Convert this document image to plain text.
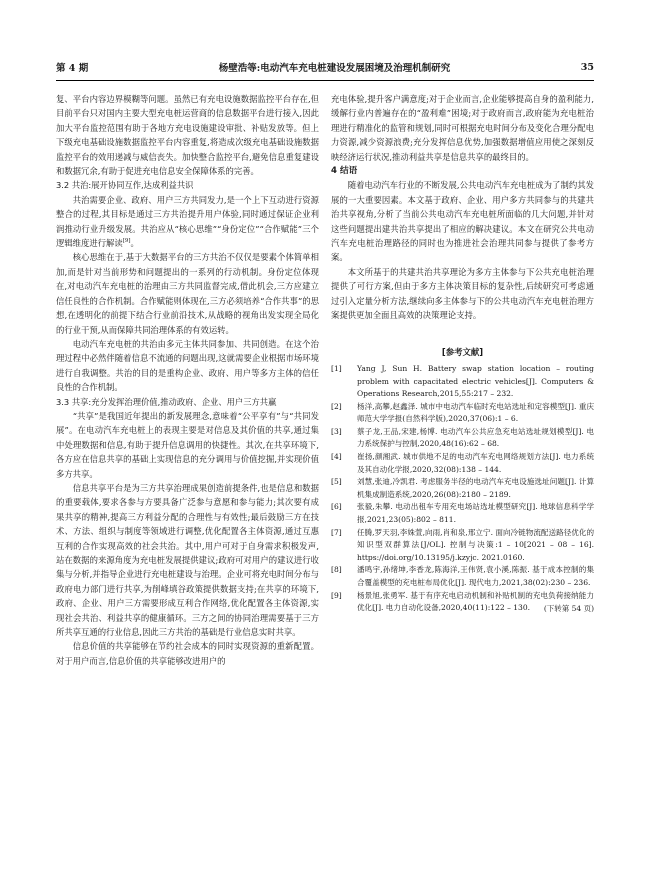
第 4 期	杨壁浩等:电动汽车充电桩建设发展困境及治理机制研究	35

复、平台内容边界模糊等问题。虽然已有充电设施数据监控平台存在,但目前平台只对国内主要大型充电桩运营商的信息数据平台进行接入,因此加大平台监控范围有助于各地方充电设施建设审批、补贴发放等。但上下级充电基础设施数据监控平台内容重复,将造成次级充电基础设施数据监控平台的效用递减与威信丧失。加快整合监控平台,避免信息重复建设和数据冗余,有助于促进充电信息安全保障体系的完善。

3.2 共治:展开协同互作,达成利益共识

共治需要企业、政府、用户三方共同发力,是一个上下互动进行资源整合的过程,其目标是通过三方共治提升用户体验,同时通过保证企业利润推动行业升级发展。共治应从“核心思维”“身份定位”“合作赋能”三个逻辑维度进行解读[9]。

核心思维在于,基于大数据平台的三方共治不仅仅是要素个体简单相加,而是针对当前形势和问题提出的一系列的行动机制。身份定位体现在,对电动汽车充电桩的治理由三方共同监督完成,借此机会,三方应建立信任良性的合作机制。合作赋能则体现在,三方必须培养“合作共事”的思想,在透明化的前提下结合行业前沿技术,从战略的视角出发实现全局化的行业干预,从而保障共同治理体系的有效运转。

电动汽车充电桩的共治由多元主体共同参加、共同创造。在这个治理过程中必然伴随着信息不流通的问题出现,这就需要企业根据市场环境进行自我调整。共治的目的是重构企业、政府、用户等多方主体的信任良性的合作机制。

3.3 共享:充分发挥治理价值,推动政府、企业、用户三方共赢

“共享”是我国近年提出的新发展理念,意味着“公平享有”与“共同发展”。在电动汽车充电桩上的表现主要是对信息及其价值的共享,通过集中处理数据和信息,有助于提升信息调用的快捷性。其次,在共享环境下,各方应在信息共享的基础上实现信息的充分调用与价值挖掘,并实现价值多方共享。

信息共享平台是为三方共享治理成果创造前提条件,也是信息和数据的重要载体,要求各参与方要具备广泛参与意愿和参与能力;其次要有成果共享的精神,提高三方利益分配的合理性与有效性;最后鼓励三方在技术、方法、组织与制度等领域进行调整,优化配置各主体资源,通过互惠互利的合作实现高效的社会共治。其中,用户可对于自身需求积极发声,站在数据的来源角度为充电桩发展提供建议;政府可对用户的建议进行收集与分析,并指导企业进行充电桩建设与治理。企业可将充电时间分布与政府电力部门进行共享,为削峰填谷政策提供数据支持;在共享的环境下,政府、企业、用户三方需要形成互利合作网络,优化配置各主体资源,实现社会共治、利益共享的健康循环。三方之间的协同治理需要基于三方所共享互通的行业信息,因此三方共治的基础是行业信息实时共享。

信息价值的共享能够在节约社会成本的同时实现资源的重新配置。对于用户而言,信息价值的共享能够改进用户的

充电体验,提升客户满意度;对于企业而言,企业能够提高自身的盈利能力,缓解行业内普遍存在的“盈利难”困境;对于政府而言,政府能为充电桩治理进行精准化的监管和规划,同时可根据充电时间分布及变化合理分配电力资源,减少资源浪费;充分发挥信息优势,加强数据增值应用使之深刻反映经济运行状况,推动利益共享是信息共享的最终目的。

4 结语

随着电动汽车行业的不断发展,公共电动汽车充电桩成为了制约其发展的一大重要因素。本文基于政府、企业、用户多方共同参与的共建共治共享视角,分析了当前公共电动汽车充电桩所面临的几大问题,并针对这些问题提出建共治共享提出了相应的解决建议。本文在研究公共电动汽车充电桩治理路径的同时也为推进社会治理共同参与提供了参考方案。

本文所基于的共建共治共享理论为多方主体参与下公共充电桩治理提供了可行方案,但由于多方主体决策目标的复杂性,后续研究可考虑通过引入定量分析方法,继续向多主体参与下的公共电动汽车充电桩治理方案提供更加全面且高效的决策理论支持。

[参考文献]
[1]	Yang J, Sun H. Battery swap station location – routing problem with capacitated electric vehicles[J]. Computers & Operations Research,2015,55:217 – 232.
[2]	杨洋,高攀,赵鑫泽. 城市中电动汽车临时充电站选址和定容模型[J]. 重庆师范大学学报(自然科学版),2020,37(06):1 – 6.
[3]	蔡子龙,王品,宋建,杨博. 电动汽车公共应急充电站选址规划模型[J]. 电力系统保护与控制,2020,48(16):62 – 68.
[4]	崔扬,颜湘武. 城市供地不足的电动汽车充电网络规划方法[J]. 电力系统及其自动化学报,2020,32(08):138 – 144.
[5]	刘慧,张迪,冷凯君. 考虑服务半径的电动汽车充电设施选址问题[J]. 计算机集成制造系统,2020,26(08):2180 – 2189.
[6]	张毅,朱攀. 电动出租车专用充电场站选址模型研究[J]. 地球信息科学学报,2021,23(05):802 – 811.
[7]	任腾,罗天羽,李姝萱,向雨,肖和泉,邢立宁. 面向冷链物流配送路径优化的知识型双群算法[J/OL]. 控制与决策:1 – 10[2021 – 08 – 16]. https://doi.org/10.13195/j.kzyjc. 2021.0160.
[8]	潘鸣宇,孙绪坤,李香龙,陈海洋,王伟贤,袁小溪,陈振. 基于成本控制的集合覆盖模型的充电桩布局优化[J]. 现代电力,2021,38(02):230 – 236.
[9]	杨景旭,张勇军. 基于有序充电启动机制和补贴机制的充电负荷接纳能力优化[J]. 电力自动化设备,2020,40(11):122 – 130.	(下转第 54 页)
